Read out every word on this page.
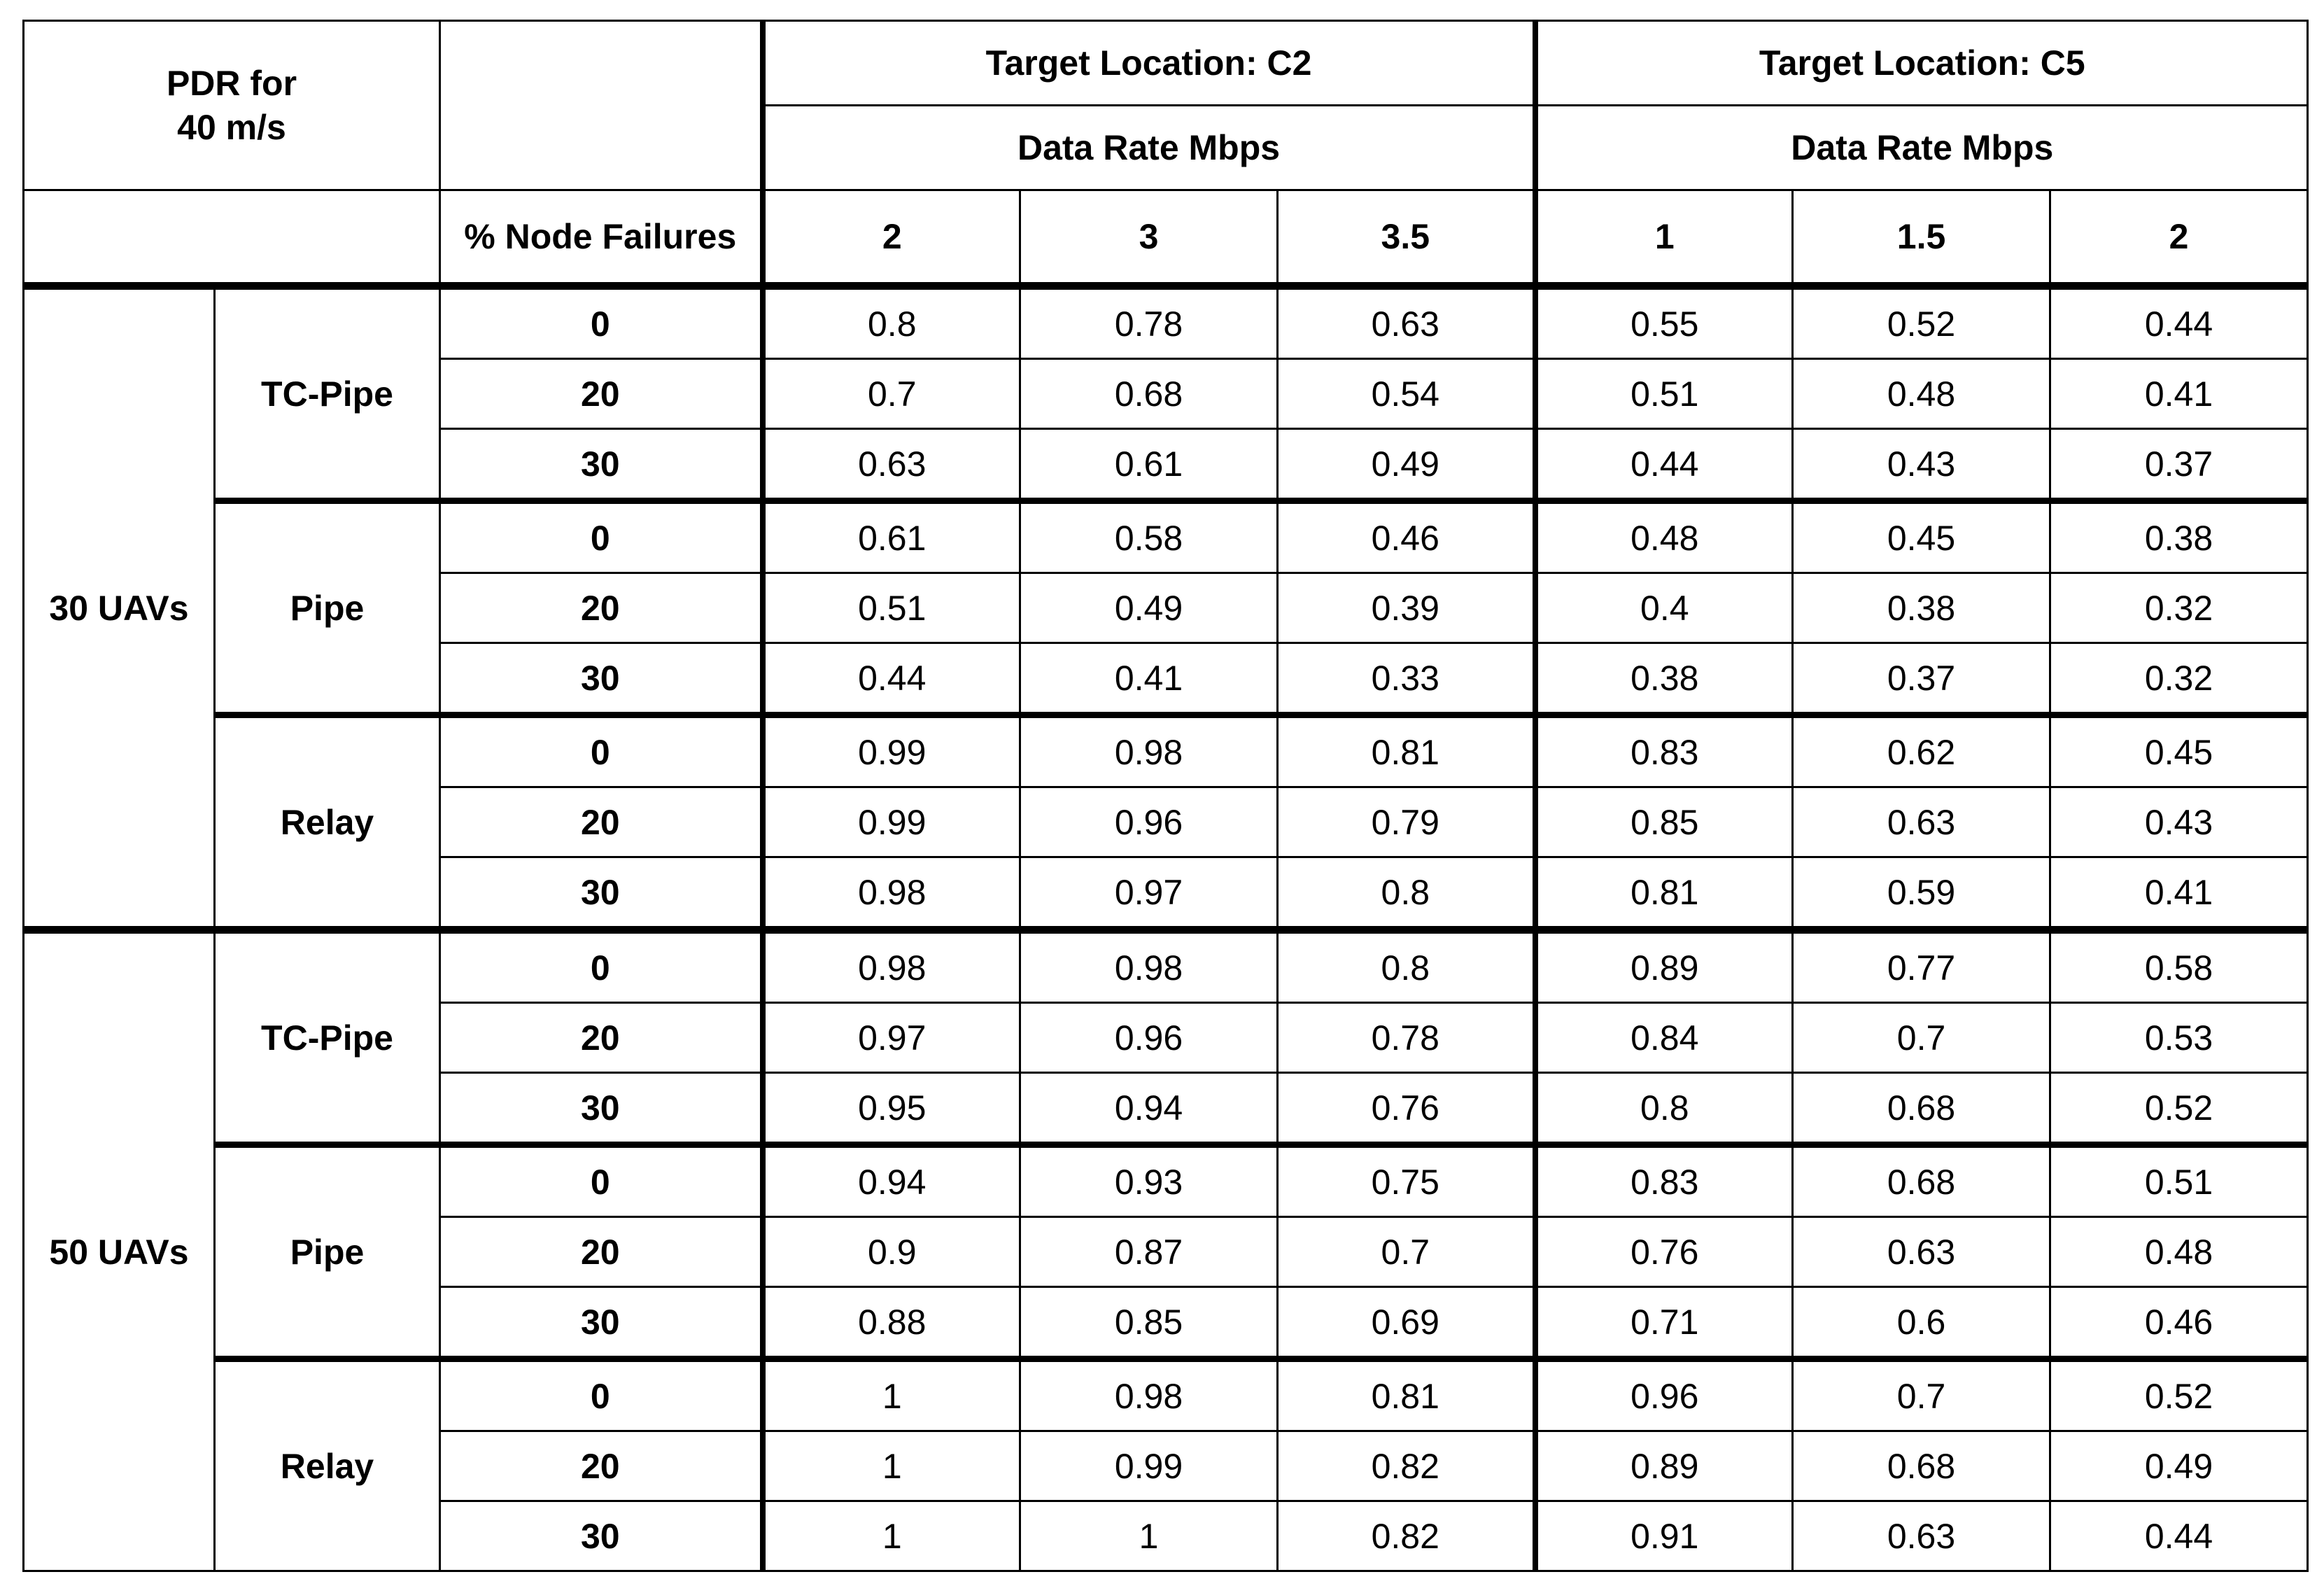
PDR for
40 m/s			Target Location: C2			Target Location: C5		
			Data Rate Mbps			Data Rate Mbps		
		% Node Failures	2	3	3.5	1	1.5	2
30 UAVs	TC-Pipe	0	0.8	0.78	0.63	0.55	0.52	0.44
		20	0.7	0.68	0.54	0.51	0.48	0.41
		30	0.63	0.61	0.49	0.44	0.43	0.37
	Pipe	0	0.61	0.58	0.46	0.48	0.45	0.38
		20	0.51	0.49	0.39	0.4	0.38	0.32
		30	0.44	0.41	0.33	0.38	0.37	0.32
	Relay	0	0.99	0.98	0.81	0.83	0.62	0.45
		20	0.99	0.96	0.79	0.85	0.63	0.43
		30	0.98	0.97	0.8	0.81	0.59	0.41
50 UAVs	TC-Pipe	0	0.98	0.98	0.8	0.89	0.77	0.58
		20	0.97	0.96	0.78	0.84	0.7	0.53
		30	0.95	0.94	0.76	0.8	0.68	0.52
	Pipe	0	0.94	0.93	0.75	0.83	0.68	0.51
		20	0.9	0.87	0.7	0.76	0.63	0.48
		30	0.88	0.85	0.69	0.71	0.6	0.46
	Relay	0	1	0.98	0.81	0.96	0.7	0.52
		20	1	0.99	0.82	0.89	0.68	0.49
		30	1	1	0.82	0.91	0.63	0.44
